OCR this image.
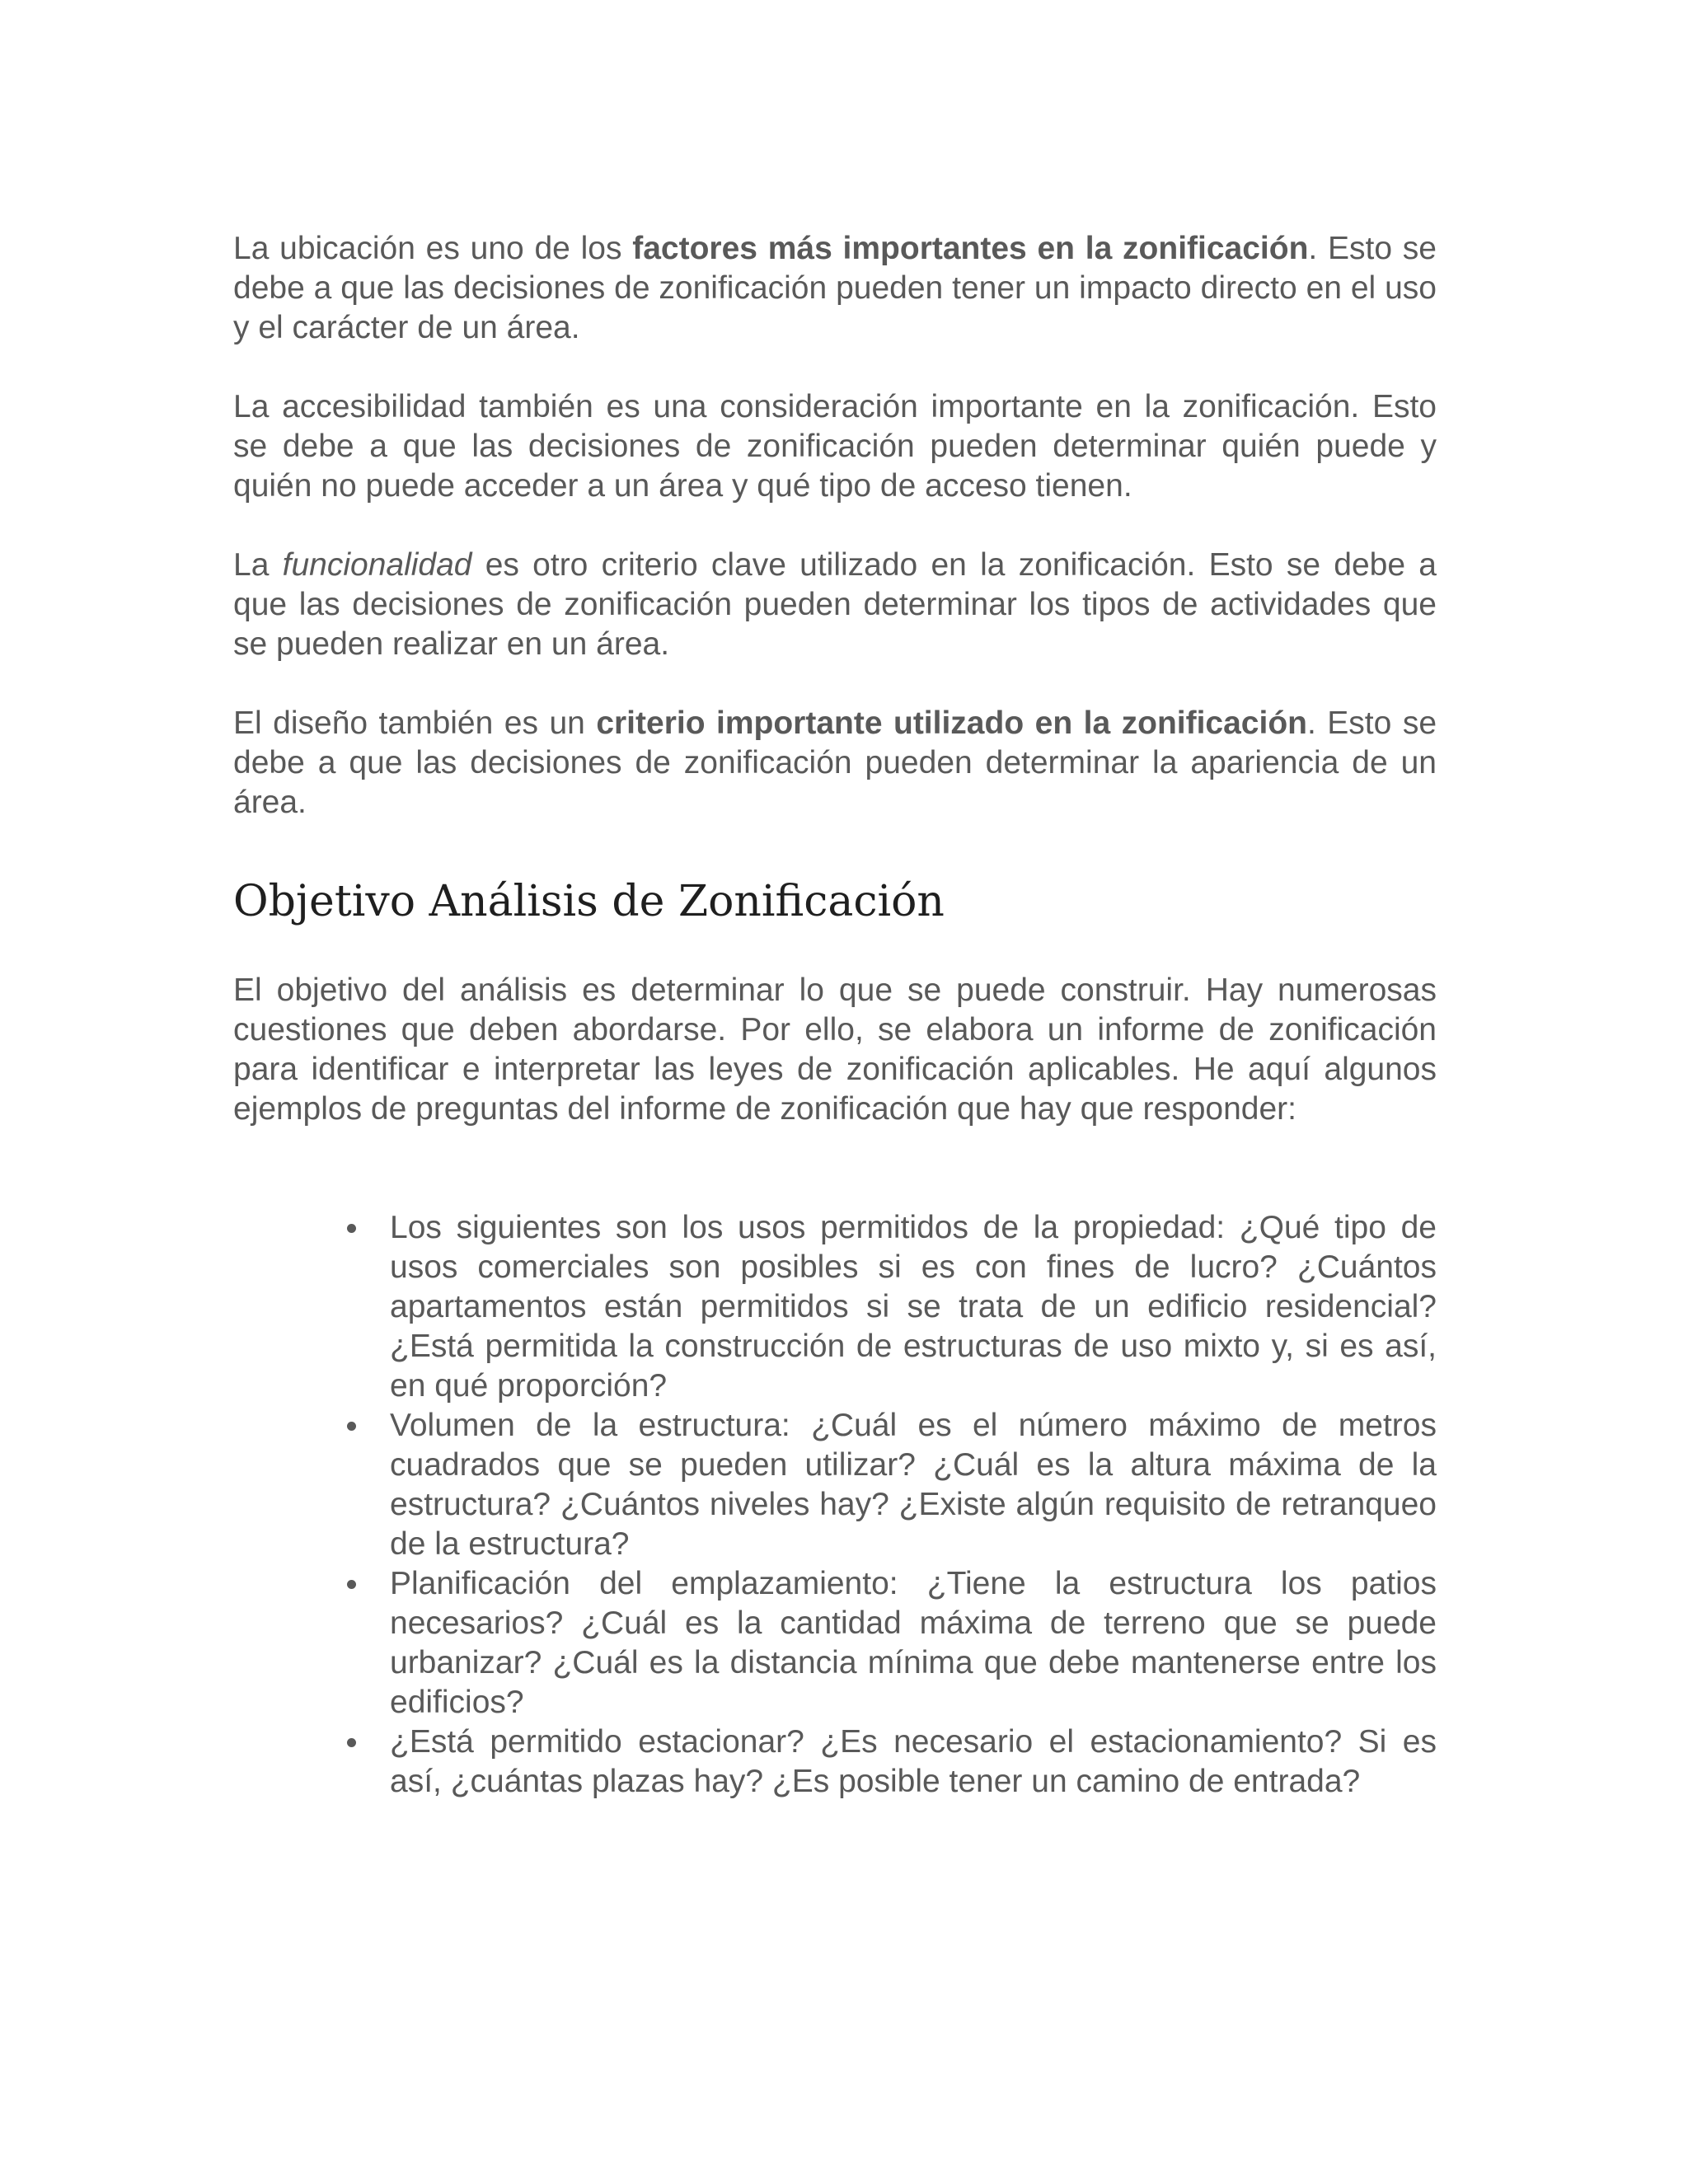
La ubicación es uno de los factores más importantes en la zonificación. Esto se debe a que las decisiones de zonificación pueden tener un impacto directo en el uso y el carácter de un área.

La accesibilidad también es una consideración importante en la zonificación. Esto se debe a que las decisiones de zonificación pueden determinar quién puede y quién no puede acceder a un área y qué tipo de acceso tienen.

La funcionalidad es otro criterio clave utilizado en la zonificación. Esto se debe a que las decisiones de zonificación pueden determinar los tipos de actividades que se pueden realizar en un área.

El diseño también es un criterio importante utilizado en la zonificación. Esto se debe a que las decisiones de zonificación pueden determinar la apariencia de un área.

Objetivo Análisis de Zonificación

El objetivo del análisis es determinar lo que se puede construir. Hay numerosas cuestiones que deben abordarse. Por ello, se elabora un informe de zonificación para identificar e interpretar las leyes de zonificación aplicables. He aquí algunos ejemplos de preguntas del informe de zonificación que hay que responder:

Los siguientes son los usos permitidos de la propiedad: ¿Qué tipo de usos comerciales son posibles si es con fines de lucro? ¿Cuántos apartamentos están permitidos si se trata de un edificio residencial? ¿Está permitida la construcción de estructuras de uso mixto y, si es así, en qué proporción?
Volumen de la estructura: ¿Cuál es el número máximo de metros cuadrados que se pueden utilizar? ¿Cuál es la altura máxima de la estructura? ¿Cuántos niveles hay? ¿Existe algún requisito de retranqueo de la estructura?
Planificación del emplazamiento: ¿Tiene la estructura los patios necesarios? ¿Cuál es la cantidad máxima de terreno que se puede urbanizar? ¿Cuál es la distancia mínima que debe mantenerse entre los edificios?
¿Está permitido estacionar? ¿Es necesario el estacionamiento? Si es así, ¿cuántas plazas hay? ¿Es posible tener un camino de entrada?
